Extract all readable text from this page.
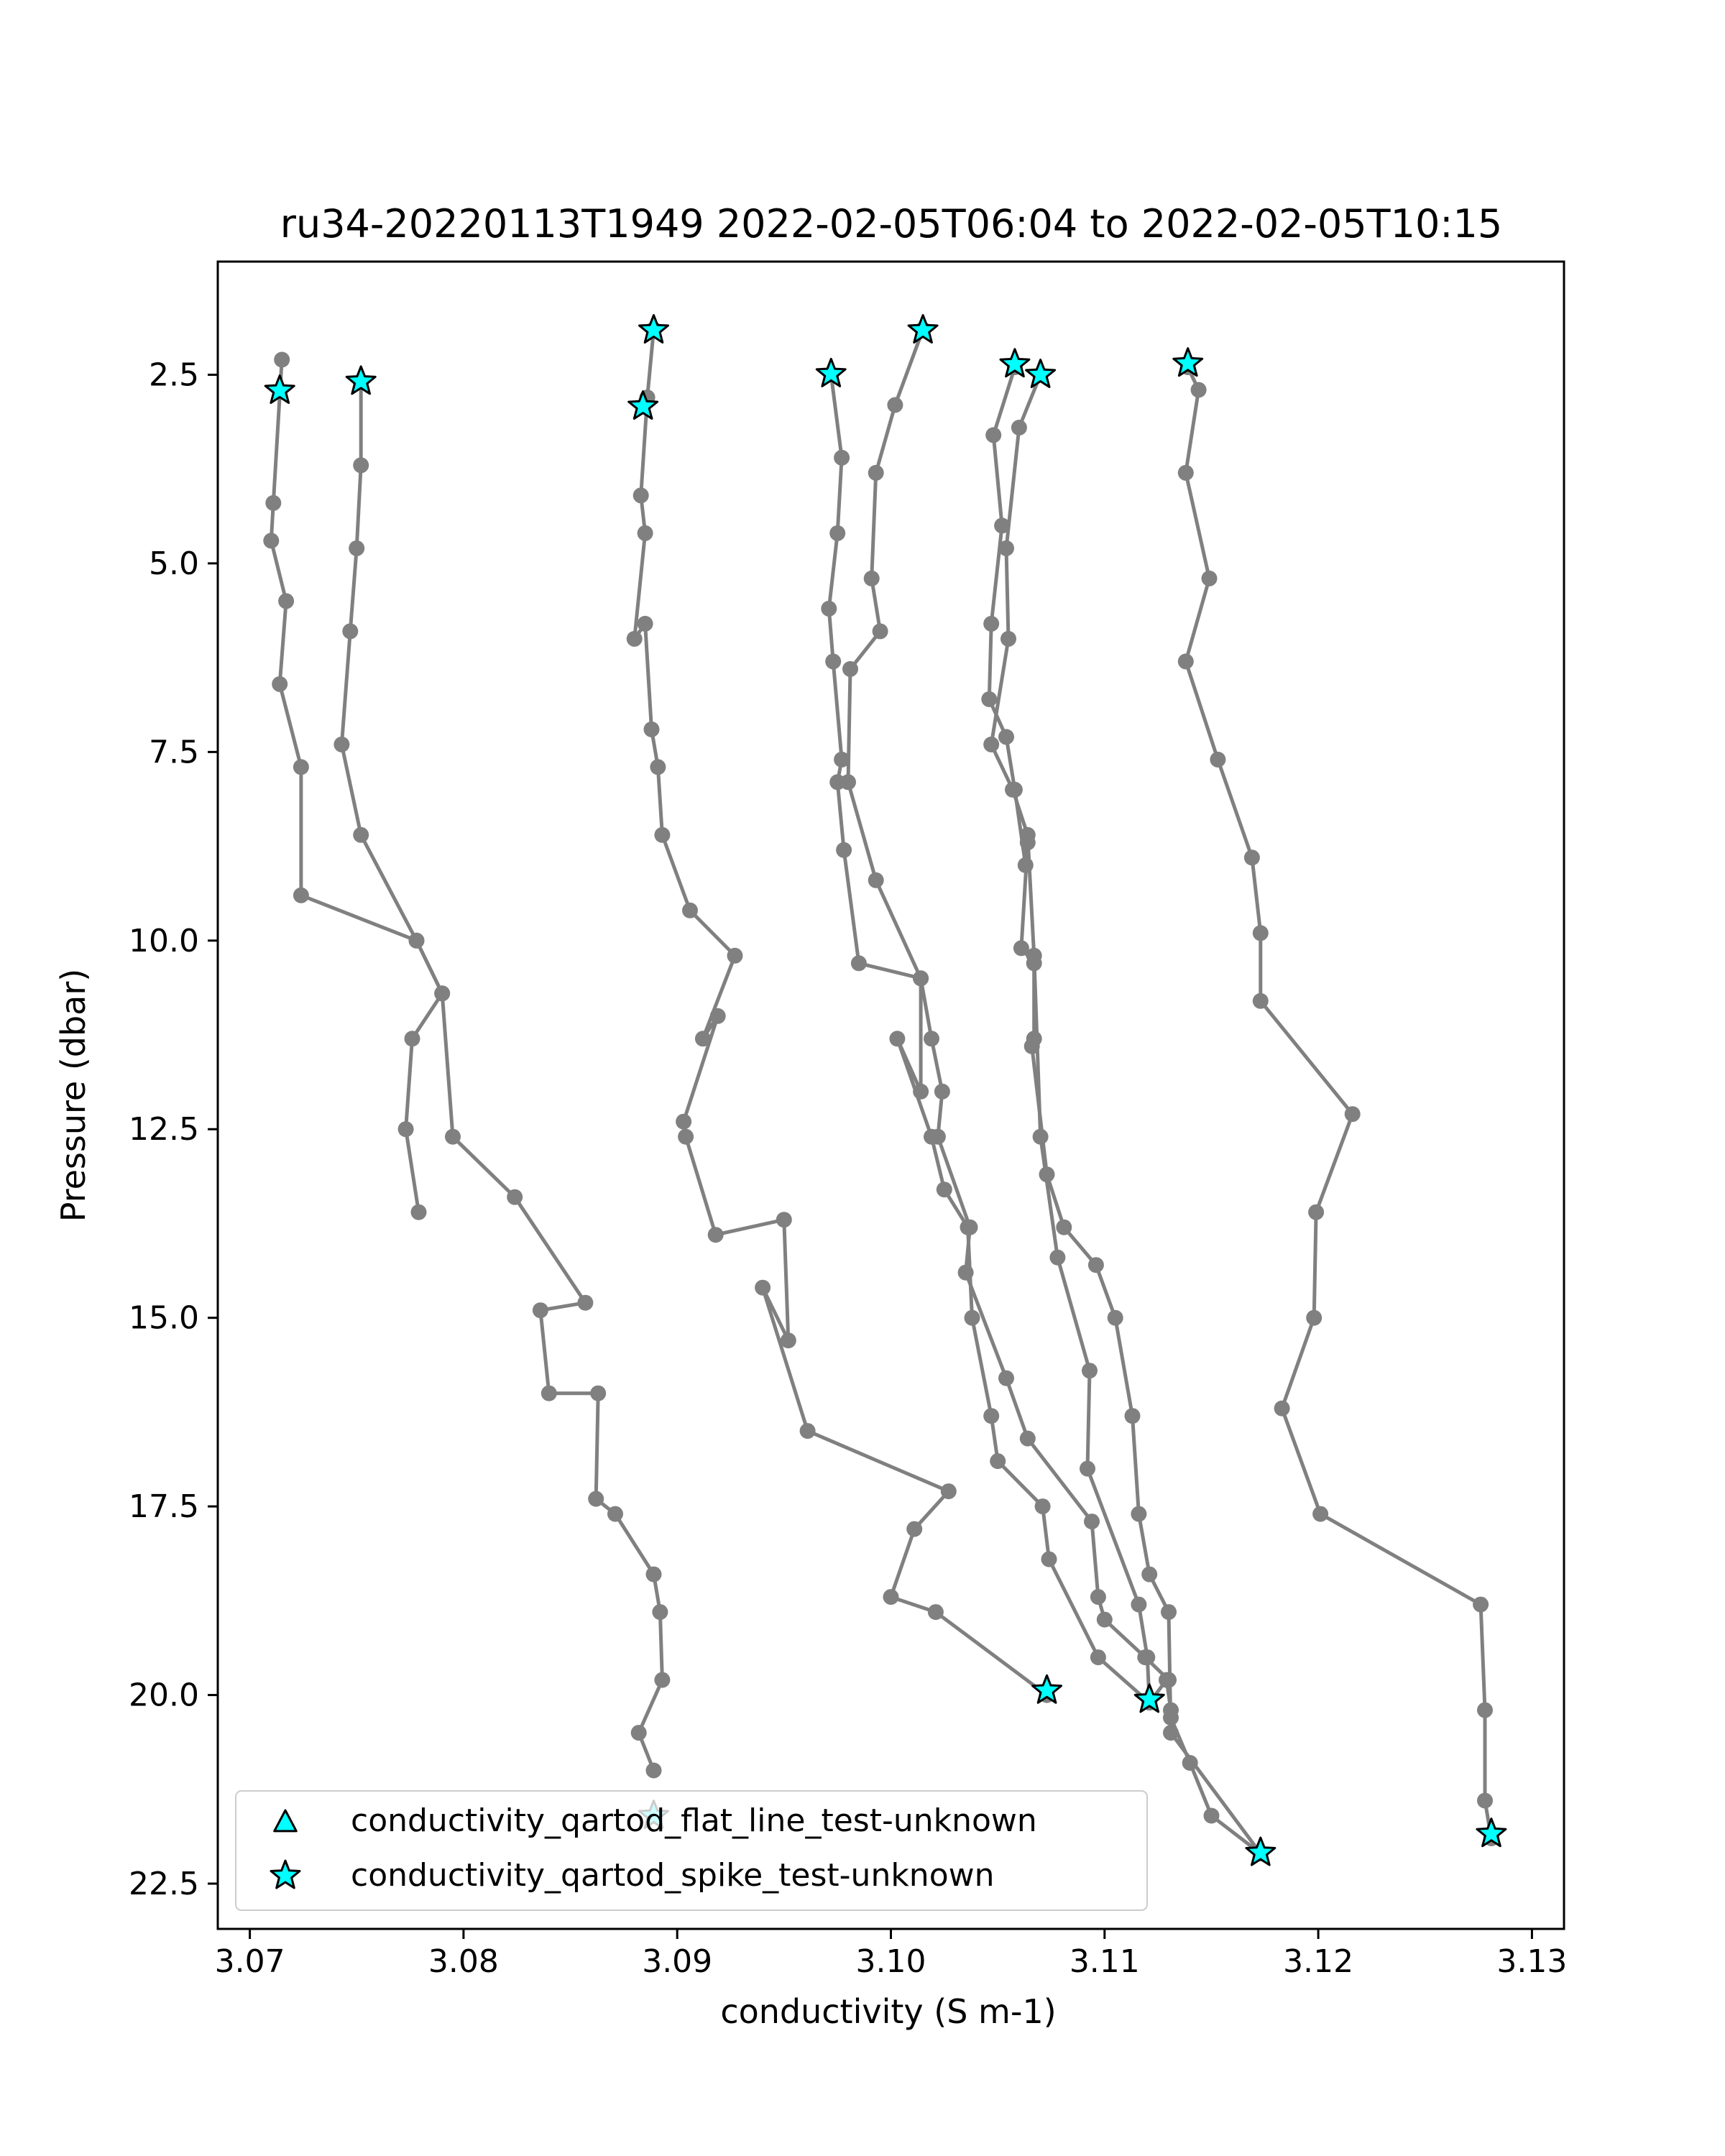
ru34-20220113T1949 2022-02-05T06:04 to 2022-02-05T10:15
3.07	3.08	3.09	3.10	3.11	3.12	3.13
2.5
5.0
7.5
10.0
12.5
15.0
17.5
20.0
22.5
conductivity (S m-1)
Pressure (dbar)
conductivity_qartod_flat_line_test-unknown
conductivity_qartod_spike_test-unknown
